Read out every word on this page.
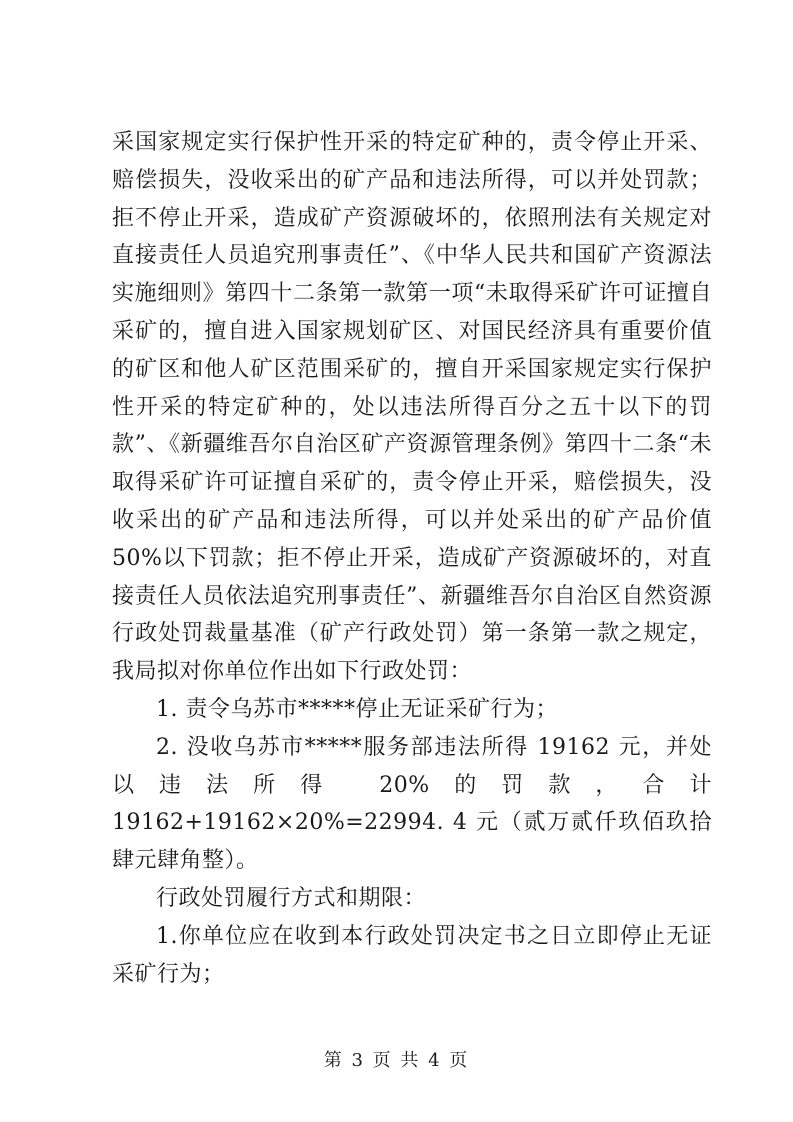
采国家规定实行保护性开采的特定矿种的，责令停止开采、赔偿损失，没收采出的矿产品和违法所得，可以并处罚款；拒不停止开采，造成矿产资源破坏的，依照刑法有关规定对直接责任人员追究刑事责任”、《中华人民共和国矿产资源法实施细则》第四十二条第一款第一项“未取得采矿许可证擅自采矿的，擅自进入国家规划矿区、对国民经济具有重要价值的矿区和他人矿区范围采矿的，擅自开采国家规定实行保护性开采的特定矿种的，处以违法所得百分之五十以下的罚款”、《新疆维吾尔自治区矿产资源管理条例》第四十二条“未取得采矿许可证擅自采矿的，责令停止开采，赔偿损失，没收采出的矿产品和违法所得，可以并处采出的矿产品价值 50%以下罚款；拒不停止开采，造成矿产资源破坏的，对直接责任人员依法追究刑事责任”、新疆维吾尔自治区自然资源行政处罚裁量基准（矿产行政处罚）第一条第一款之规定，我局拟对你单位作出如下行政处罚：

1. 责令乌苏市*****停止无证采矿行为；

2. 没收乌苏市*****服务部违法所得 19162 元，并处以违法所得 20%的罚款，合计 19162+19162×20%=22994. 4 元（贰万贰仟玖佰玖拾肆元肆角整）。

行政处罚履行方式和期限：

1.你单位应在收到本行政处罚决定书之日立即停止无证采矿行为；

第 3 页 共 4 页
